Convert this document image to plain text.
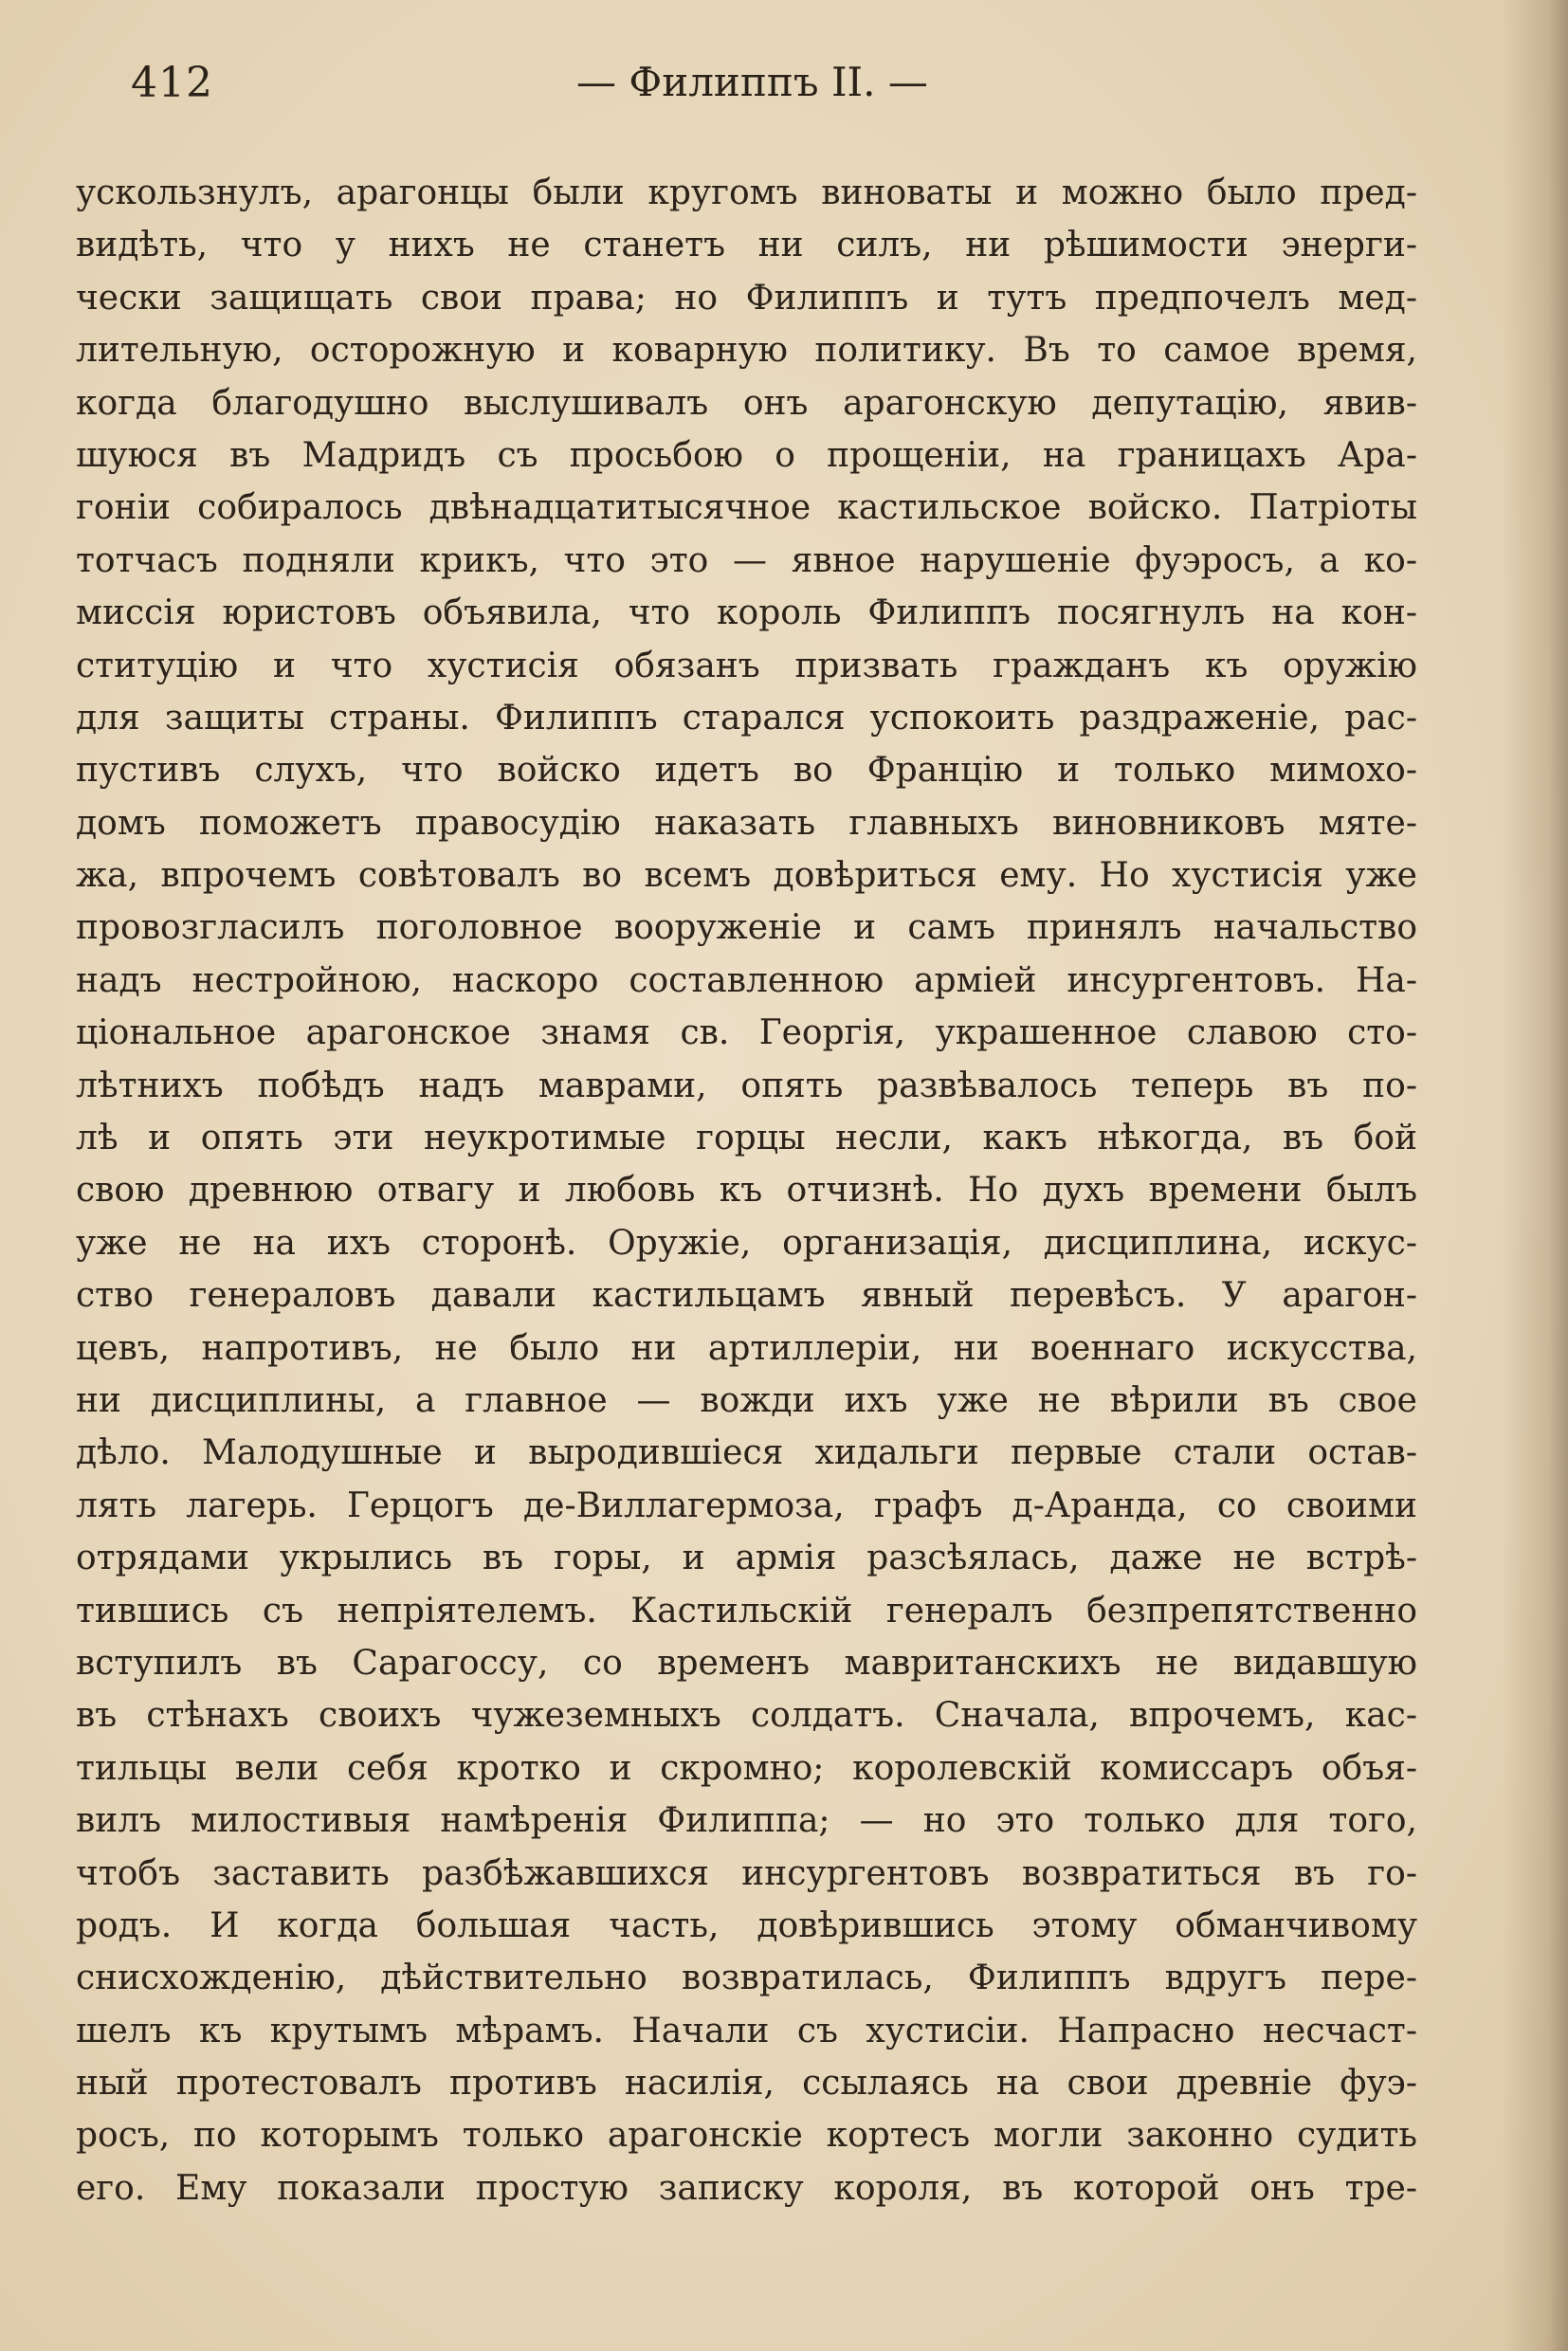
412	— Филиппъ II. —
ускользнулъ, арагонцы были кругомъ виноваты и можно было пред-
видѣть, что у нихъ не станетъ ни силъ, ни рѣшимости энерги-
чески защищать свои права; но Филиппъ и тутъ предпочелъ мед-
лительную, осторожную и коварную политику. Въ то самое время,
когда благодушно выслушивалъ онъ арагонскую депутацію, явив-
шуюся въ Мадридъ съ просьбою о прощеніи, на границахъ Ара-
гоніи собиралось двѣнадцатитысячное кастильское войско. Патріоты
тотчасъ подняли крикъ, что это — явное нарушеніе фуэросъ, а ко-
миссія юристовъ объявила, что король Филиппъ посягнулъ на кон-
ституцію и что хустисія обязанъ призвать гражданъ къ оружію
для защиты страны. Филиппъ старался успокоить раздраженіе, рас-
пустивъ слухъ, что войско идетъ во Францію и только мимохо-
домъ поможетъ правосудію наказать главныхъ виновниковъ мяте-
жа, впрочемъ совѣтовалъ во всемъ довѣриться ему. Но хустисія уже
провозгласилъ поголовное вооруженіе и самъ принялъ начальство
надъ нестройною, наскоро составленною арміей инсургентовъ. На-
ціональное арагонское знамя св. Георгія, украшенное славою сто-
лѣтнихъ побѣдъ надъ маврами, опять развѣвалось теперь въ по-
лѣ и опять эти неукротимые горцы несли, какъ нѣкогда, въ бой
свою древнюю отвагу и любовь къ отчизнѣ. Но духъ времени былъ
уже не на ихъ сторонѣ. Оружіе, организація, дисциплина, искус-
ство генераловъ давали кастильцамъ явный перевѣсъ. У арагон-
цевъ, напротивъ, не было ни артиллеріи, ни военнаго искусства,
ни дисциплины, а главное — вожди ихъ уже не вѣрили въ свое
дѣло. Малодушные и выродившіеся хидальги первые стали остав-
лять лагерь. Герцогъ де-Виллагермоза, графъ д-Аранда, со своими
отрядами укрылись въ горы, и армія разсѣялась, даже не встрѣ-
тившись съ непріятелемъ. Кастильскій генералъ безпрепятственно
вступилъ въ Сарагоссу, со временъ мавританскихъ не видавшую
въ стѣнахъ своихъ чужеземныхъ солдатъ. Сначала, впрочемъ, кас-
тильцы вели себя кротко и скромно; королевскій комиссаръ объя-
вилъ милостивыя намѣренія Филиппа; — но это только для того,
чтобъ заставить разбѣжавшихся инсургентовъ возвратиться въ го-
родъ. И когда большая часть, довѣрившись этому обманчивому
снисхожденію, дѣйствительно возвратилась, Филиппъ вдругъ пере-
шелъ къ крутымъ мѣрамъ. Начали съ хустисіи. Напрасно несчаст-
ный протестовалъ противъ насилія, ссылаясь на свои древніе фуэ-
росъ, по которымъ только арагонскіе кортесъ могли законно судить
его. Ему показали простую записку короля, въ которой онъ тре-
